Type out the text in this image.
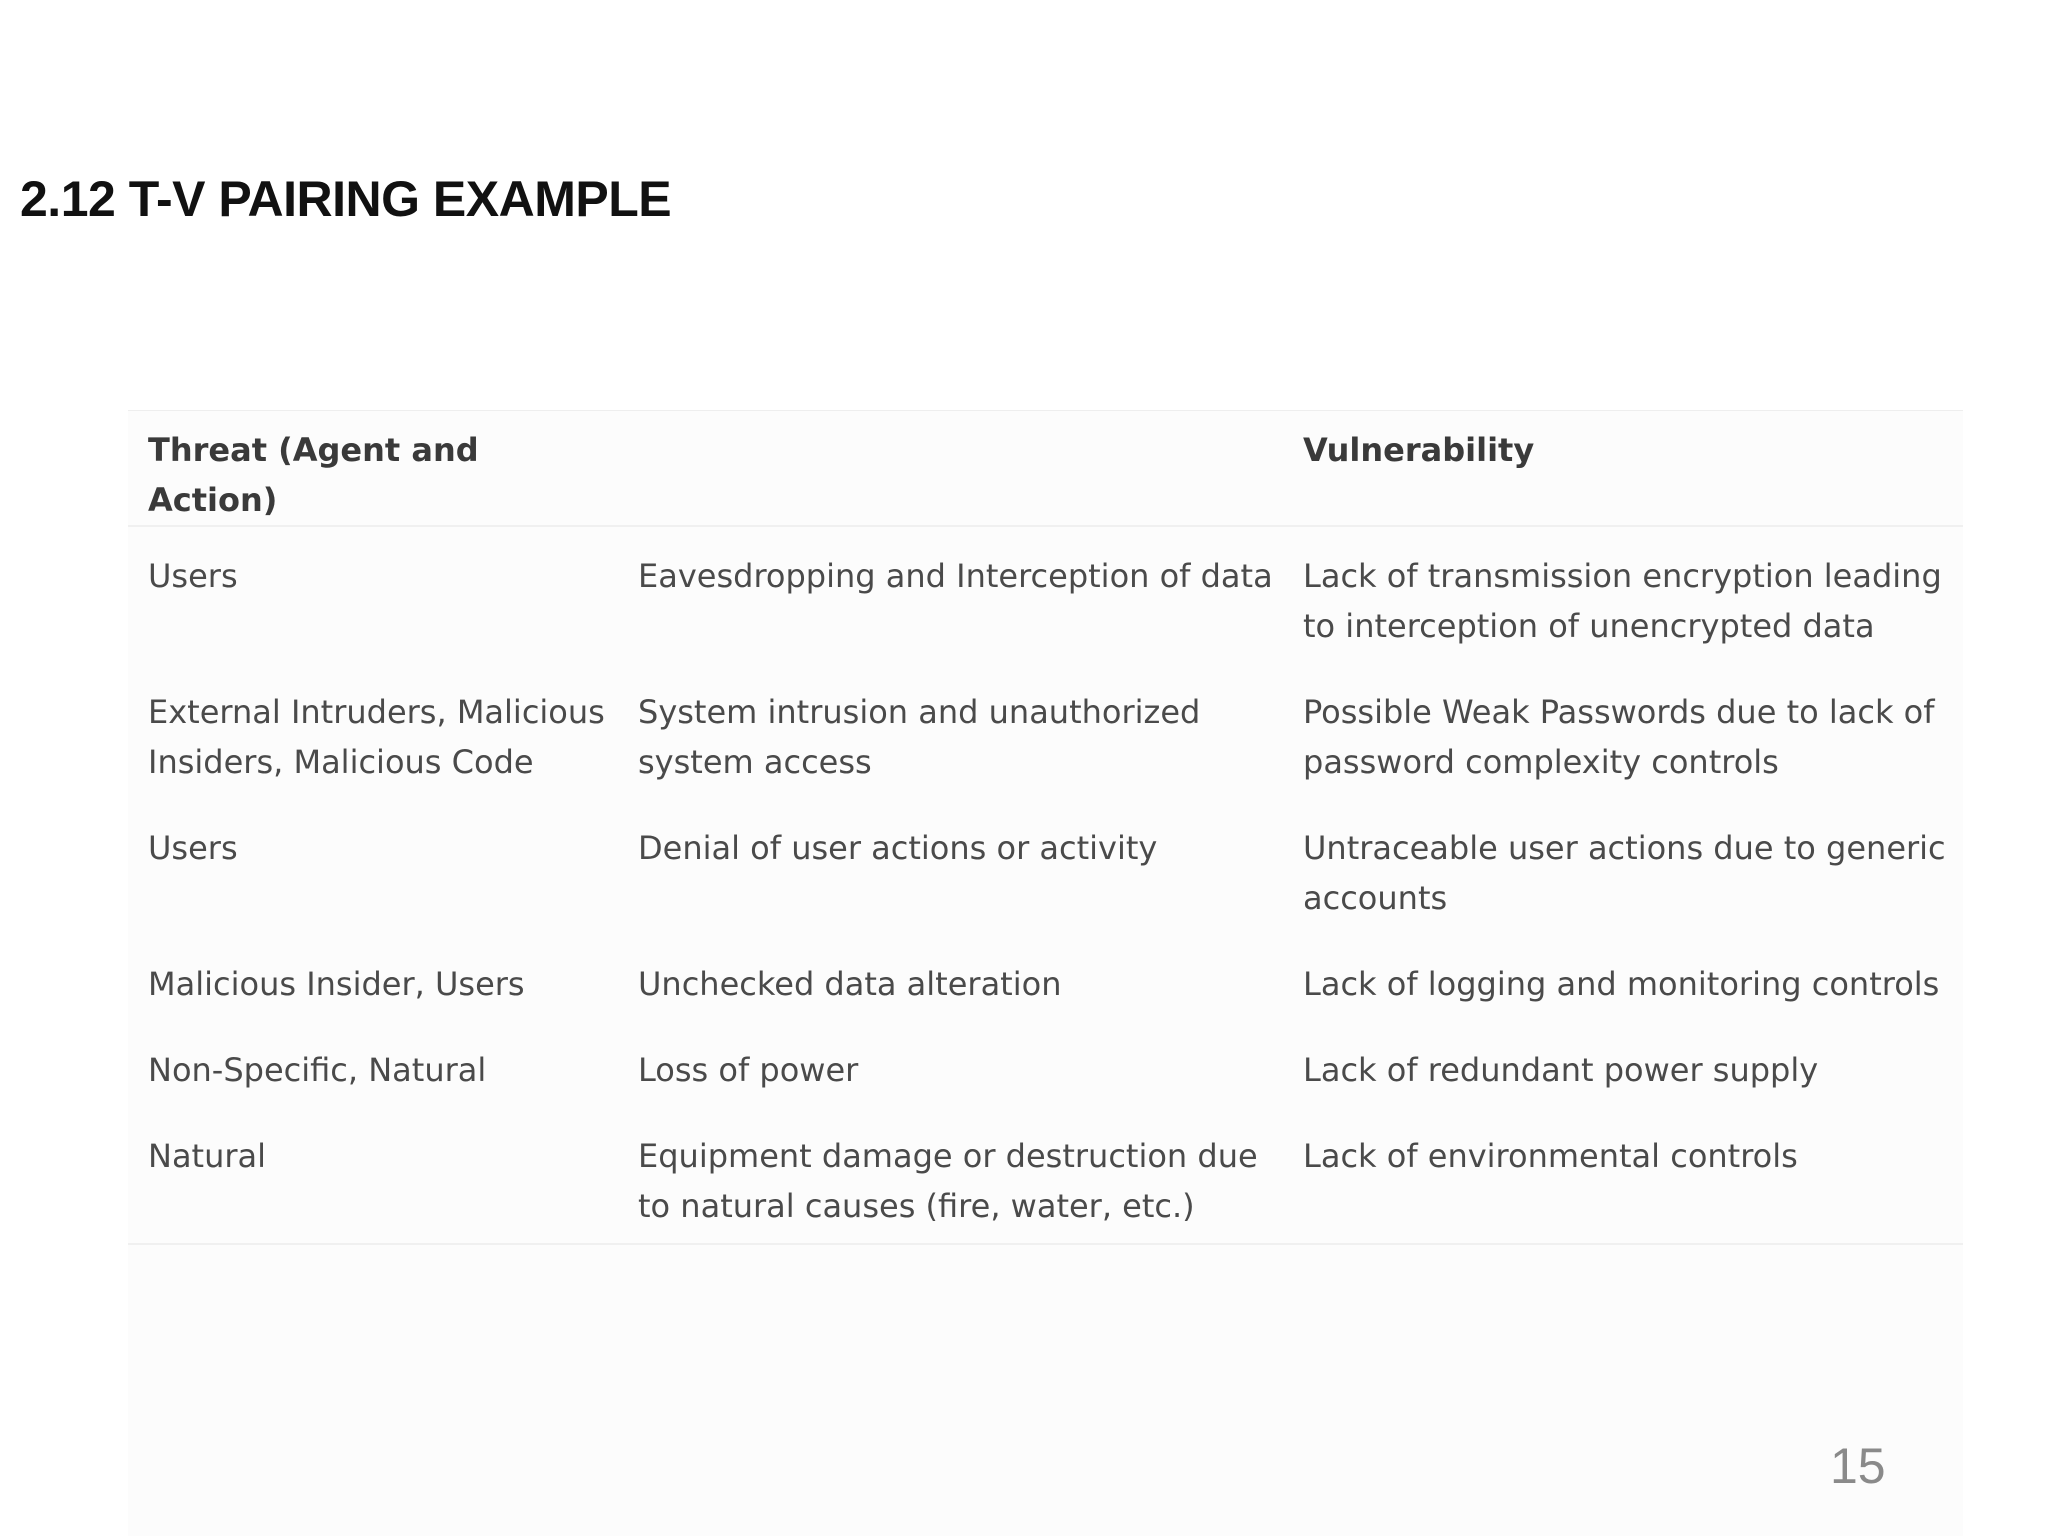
2.12 T-V PAIRING EXAMPLE
Threat (Agent and Action)		Vulnerability
Users	Eavesdropping and Interception of data	Lack of transmission encryption leading to interception of unencrypted data
External Intruders, Malicious Insiders, Malicious Code	System intrusion and unauthorized system access	Possible Weak Passwords due to lack of password complexity controls
Users	Denial of user actions or activity	Untraceable user actions due to generic accounts
Malicious Insider, Users	Unchecked data alteration	Lack of logging and monitoring controls
Non-Specific, Natural	Loss of power	Lack of redundant power supply
Natural	Equipment damage or destruction due to natural causes (fire, water, etc.)	Lack of environmental controls
15
